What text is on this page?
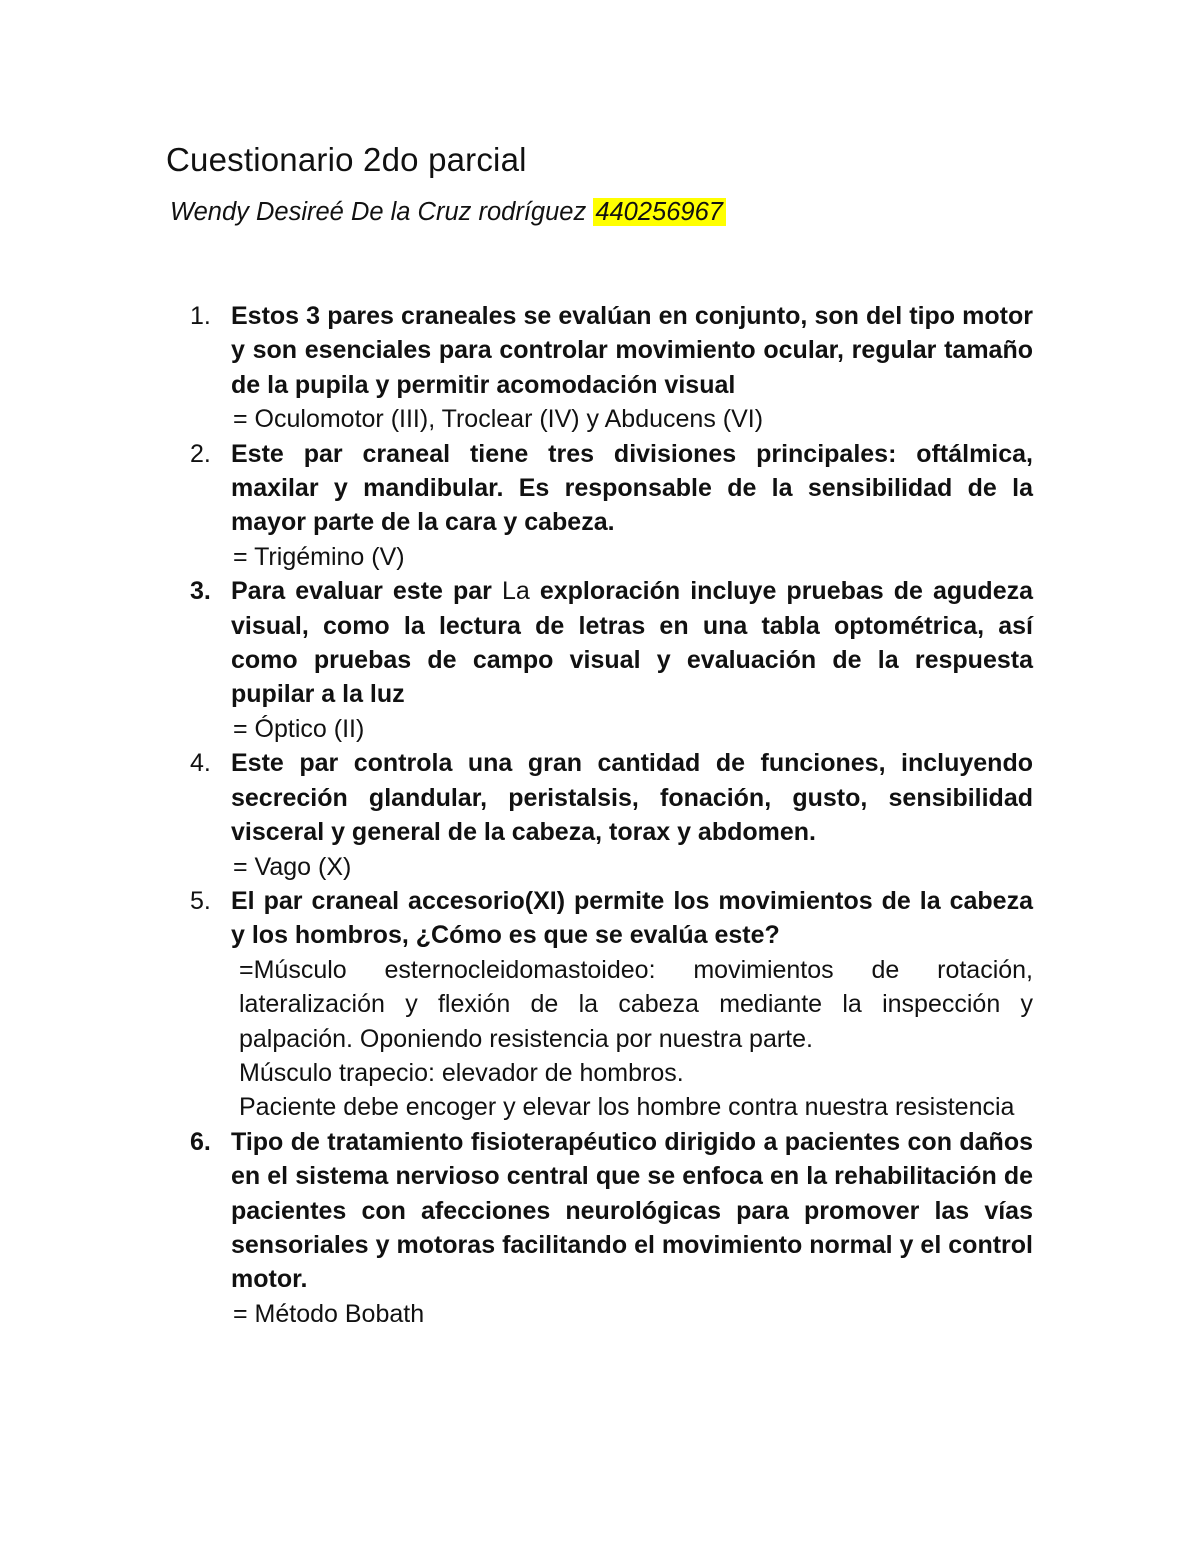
Cuestionario 2do parcial

Wendy Desireé De la Cruz rodríguez 440256967

1. Estos 3 pares craneales se evalúan en conjunto, son del tipo motor y son esenciales para controlar movimiento ocular, regular tamaño de la pupila y permitir acomodación visual

= Oculomotor (III), Troclear (IV) y Abducens (VI)

2. Este par craneal tiene tres divisiones principales: oftálmica, maxilar y mandibular. Es responsable de la sensibilidad de la mayor parte de la cara y cabeza.

= Trigémino (V)

3. Para evaluar este par La exploración incluye pruebas de agudeza visual, como la lectura de letras en una tabla optométrica, así como pruebas de campo visual y evaluación de la respuesta pupilar a la luz

= Óptico (II)

4. Este par controla una gran cantidad de funciones, incluyendo secreción glandular, peristalsis, fonación, gusto, sensibilidad visceral y general de la cabeza, torax y abdomen.

= Vago (X)

5. El par craneal accesorio(XI) permite los movimientos de la cabeza y los hombros, ¿Cómo es que se evalúa este?

=Músculo esternocleidomastoideo: movimientos de rotación, lateralización y flexión de la cabeza mediante la inspección y palpación. Oponiendo resistencia por nuestra parte.

Músculo trapecio: elevador de hombros.

Paciente debe encoger y elevar los hombre contra nuestra resistencia

6. Tipo de tratamiento fisioterapéutico dirigido a pacientes con daños en el sistema nervioso central que se enfoca en la rehabilitación de pacientes con afecciones neurológicas para promover las vías sensoriales y motoras facilitando el movimiento normal y el control motor.

= Método Bobath
